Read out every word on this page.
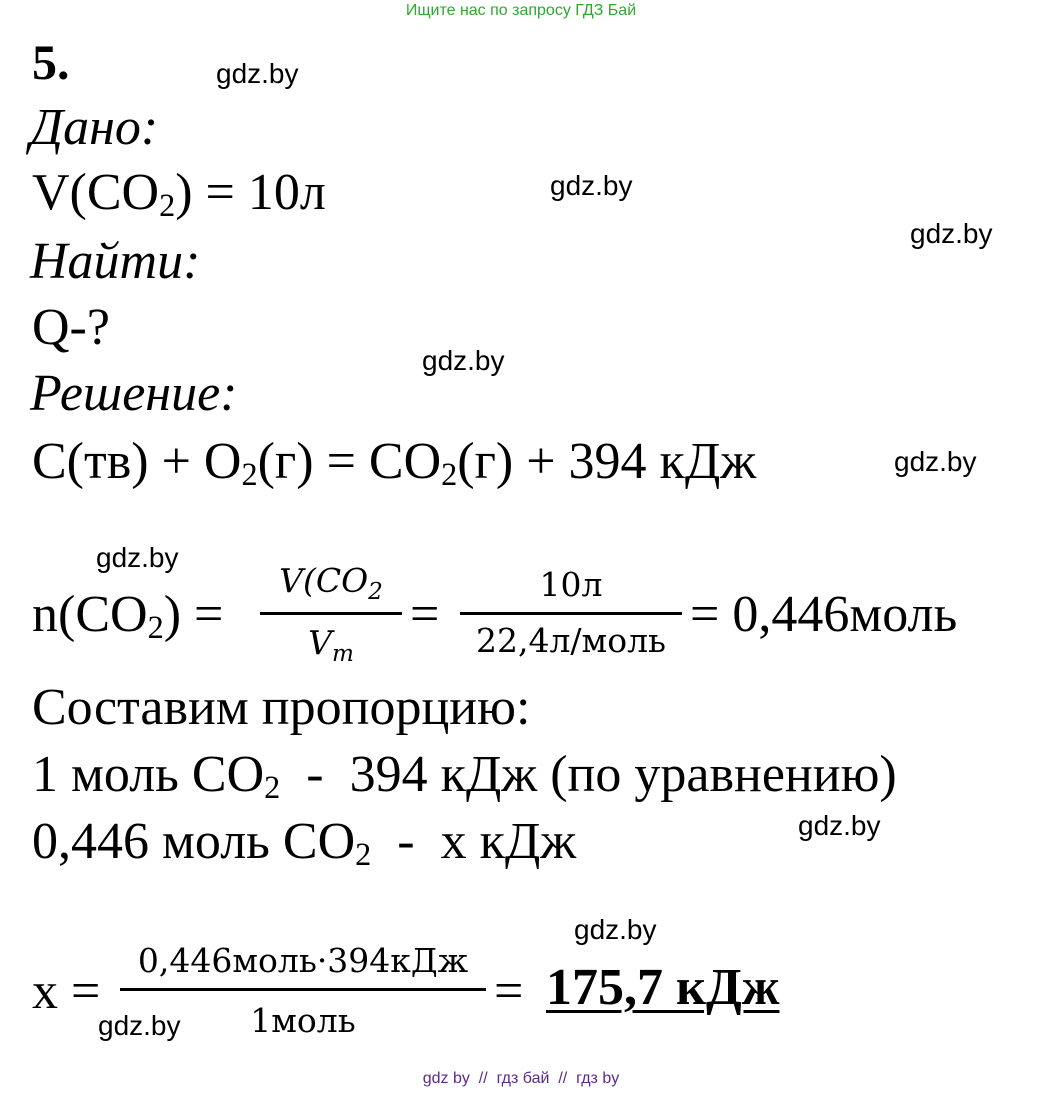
Ищите нас по запросу ГДЗ Бай
5.	gdz.by
gdz.by
gdz.by
gdz.by
gdz.by
gdz.by
gdz.by
gdz.by
gdz.by
Дано:
$V(CO_2) = 10л$
Найти:
Q-?
Решение:
$C(тв) + O_2(г) = CO_2(г) + 394$ кДж
$n(CO_2)$ =
$V(CO_2$
$V_m$
=
10л
22,4л/моль = 0,446моль
Составим пропорцию:
1 моль $CO_2 - 394$ кДж (по уравнению)
0,446 моль $CO_2$  -  x кДж
x =
0,446моль·394кДж
1моль
= 175,7 кДж
gdz by  //  гдз бай  //  гдз by
